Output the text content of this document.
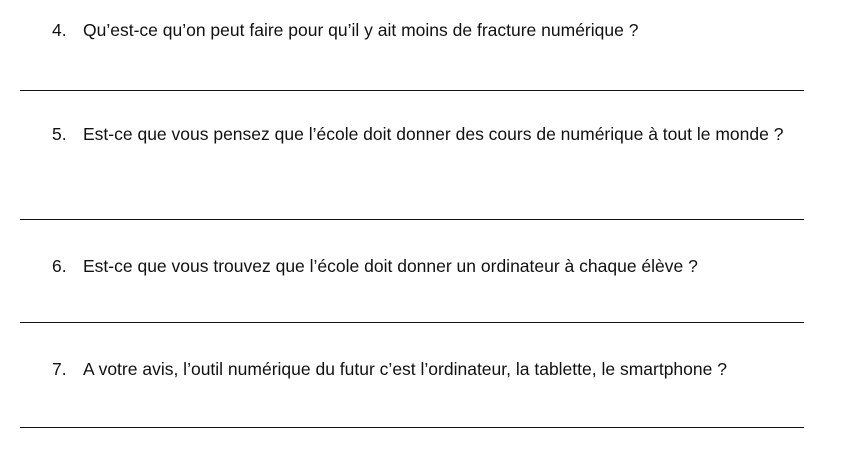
4. Qu’est-ce qu’on peut faire pour qu’il y ait moins de fracture numérique ?
5. Est-ce que vous pensez que l’école doit donner des cours de numérique à tout le monde ?
6. Est-ce que vous trouvez que l’école doit donner un ordinateur à chaque élève ?
7. A votre avis, l’outil numérique du futur c’est l’ordinateur, la tablette, le smartphone ?
